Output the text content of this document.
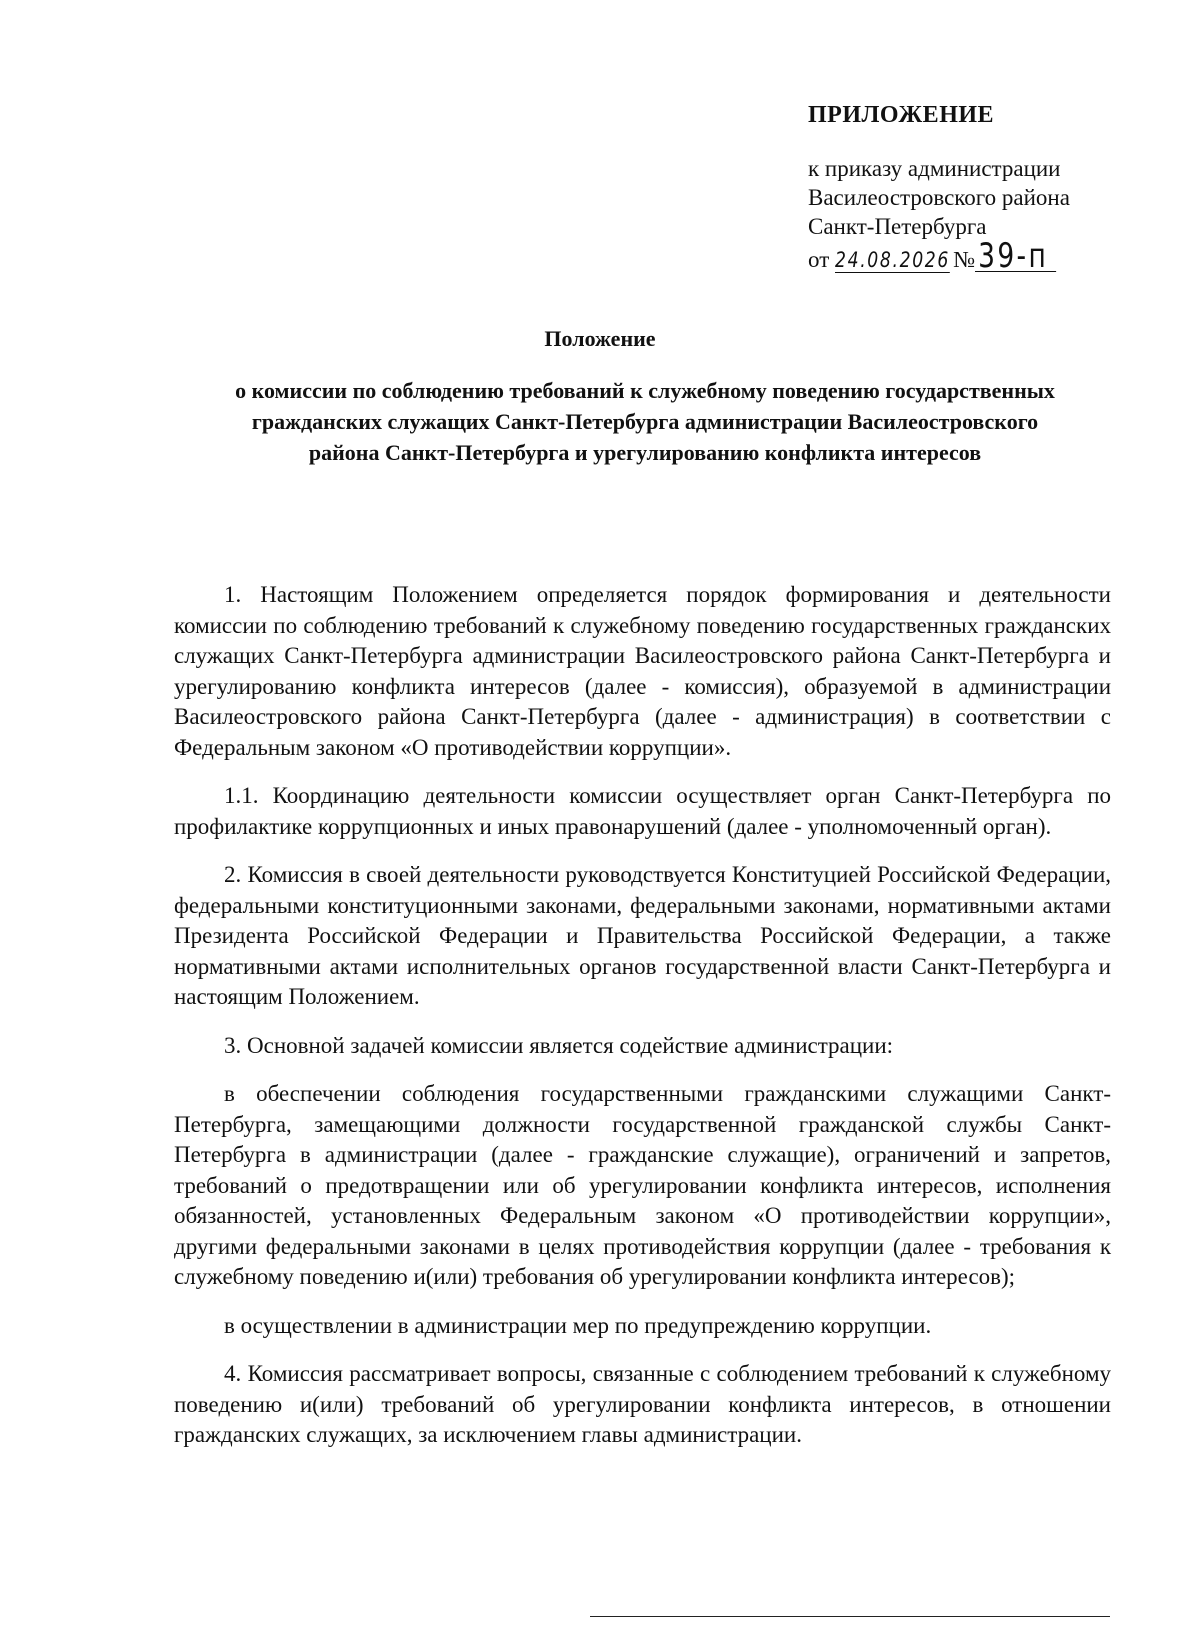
ПРИЛОЖЕНИЕ

к приказу администрации

Василеостровского района

Санкт-Петербурга

от 24.08.2026 №39-п

Положение

о комиссии по соблюдению требований к служебному поведению государственных гражданских служащих Санкт-Петербурга администрации Василеостровского района Санкт-Петербурга и урегулированию конфликта интересов

1. Настоящим Положением определяется порядок формирования и деятельности комиссии по соблюдению требований к служебному поведению государственных гражданских служащих Санкт-Петербурга администрации Василеостровского района Санкт-Петербурга и урегулированию конфликта интересов (далее - комиссия), образуемой в администрации Василеостровского района Санкт-Петербурга (далее - администрация) в соответствии с Федеральным законом «О противодействии коррупции».

1.1. Координацию деятельности комиссии осуществляет орган Санкт-Петербурга по профилактике коррупционных и иных правонарушений (далее - уполномоченный орган).

2. Комиссия в своей деятельности руководствуется Конституцией Российской Федерации, федеральными конституционными законами, федеральными законами, нормативными актами Президента Российской Федерации и Правительства Российской Федерации, а также нормативными актами исполнительных органов государственной власти Санкт-Петербурга и настоящим Положением.

3. Основной задачей комиссии является содействие администрации:

в обеспечении соблюдения государственными гражданскими служащими Санкт-Петербурга, замещающими должности государственной гражданской службы Санкт-Петербурга в администрации (далее - гражданские служащие), ограничений и запретов, требований о предотвращении или об урегулировании конфликта интересов, исполнения обязанностей, установленных Федеральным законом «О противодействии коррупции», другими федеральными законами в целях противодействия коррупции (далее - требования к служебному поведению и(или) требования об урегулировании конфликта интересов);

в осуществлении в администрации мер по предупреждению коррупции.

4. Комиссия рассматривает вопросы, связанные с соблюдением требований к служебному поведению и(или) требований об урегулировании конфликта интересов, в отношении гражданских служащих, за исключением главы администрации.
